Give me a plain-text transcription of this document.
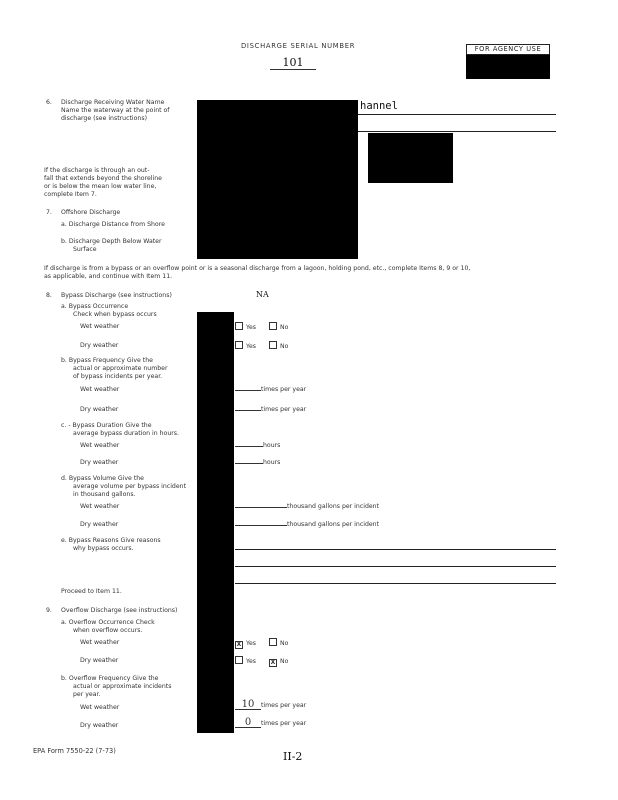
DISCHARGE SERIAL NUMBER
101
FOR AGENCY USE
6. Discharge Receiving Water Name
Name the waterway at the point of
discharge (see instructions)
hannel
If the discharge is through an out-
fall that extends beyond the shoreline
or is below the mean low water line,
complete Item 7.
7. Offshore Discharge
a. Discharge Distance from Shore
b. Discharge Depth Below Water
Surface
If discharge is from a bypass or an overflow point or is a seasonal discharge from a lagoon, holding pond, etc., complete Items 8, 9 or 10,
as applicable, and continue with Item 11.
8. Bypass Discharge (see instructions)	NA
a. Bypass Occurrence
Check when bypass occurs
Wet weather	Yes	No
Dry weather	Yes	No
b. Bypass Frequency Give the
actual or approximate number
of bypass incidents per year.
Wet weather	times per year
Dry weather	times per year
c. - Bypass Duration Give the
average bypass duration in hours.
Wet weather	hours
Dry weather	hours
d. Bypass Volume Give the
average volume per bypass incident
in thousand gallons.
Wet weather	thousand gallons per incident
Dry weather	thousand gallons per incident
e. Bypass Reasons Give reasons
why bypass occurs.
Proceed to Item 11.
9. Overflow Discharge (see instructions)
a. Overflow Occurrence Check
when overflow occurs.
Wet weather	X Yes	No
Dry weather	Yes X No
b. Overflow Frequency Give the
actual or approximate incidents
per year.
Wet weather	10 times per year
Dry weather	0 times per year
EPA Form 7550-22 (7-73)	II-2
